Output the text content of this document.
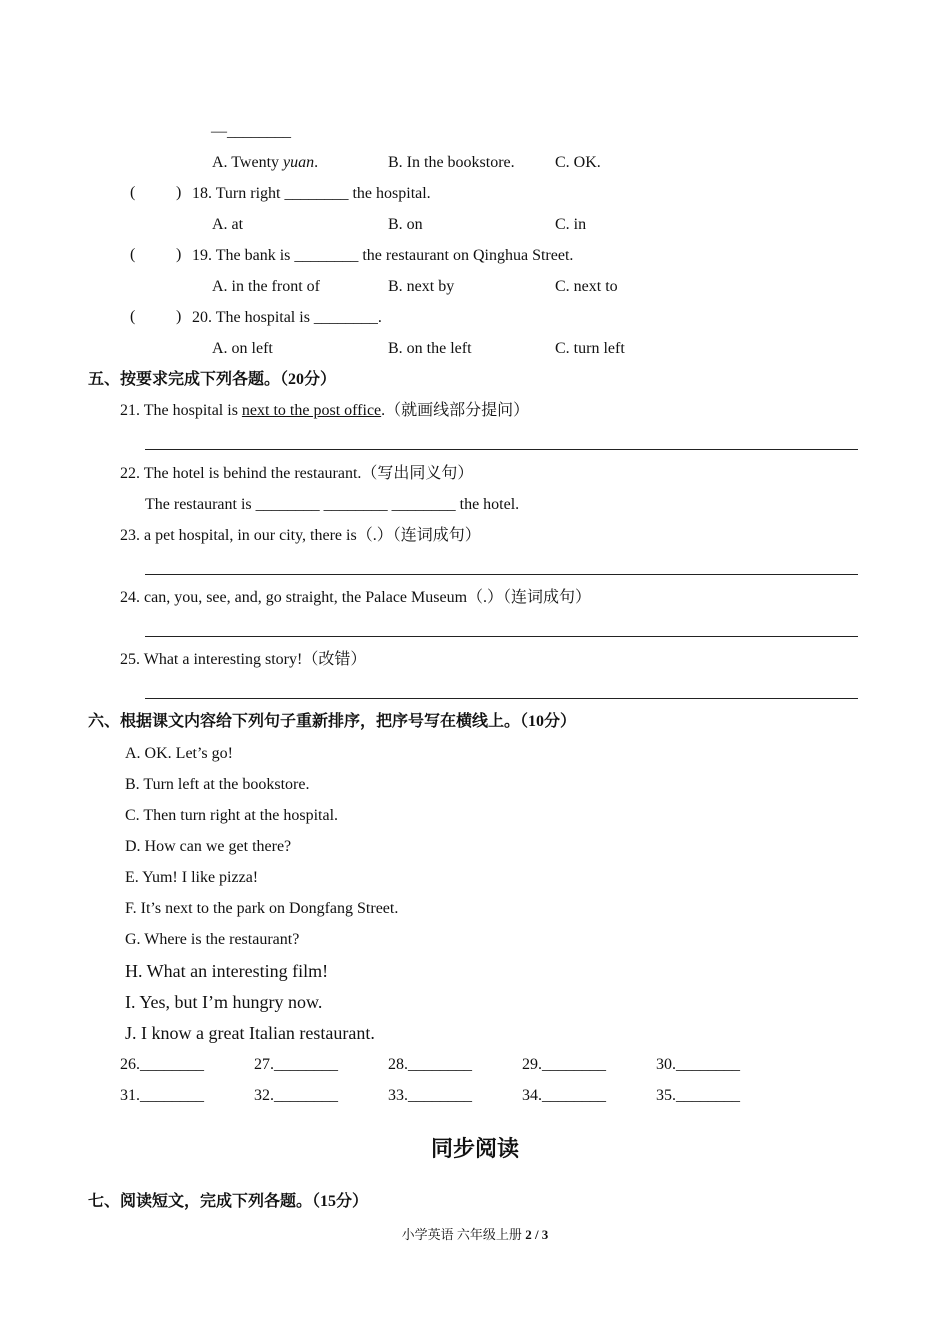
—________
A. Twenty yuan.	B. In the bookstore.	C. OK.
(	) 18. Turn right ________ the hospital.
A. at	B. on	C. in
(	) 19. The bank is ________ the restaurant on Qinghua Street.
A. in the front of	B. next by	C. next to
(	) 20. The hospital is ________.
A. on left	B. on the left	C. turn left
五、按要求完成下列各题。（20分）
21. The hospital is next to the post office.（就画线部分提问）
22. The hotel is behind the restaurant.（写出同义句）
The restaurant is ________ ________ ________ the hotel.
23. a pet hospital, in our city, there is（.）（连词成句）
24. can, you, see, and, go straight, the Palace Museum（.）（连词成句）
25. What a interesting story!（改错）
六、根据课文内容给下列句子重新排序，把序号写在横线上。（10分）
A. OK. Let’s go!
B. Turn left at the bookstore.
C. Then turn right at the hospital.
D. How can we get there?
E. Yum! I like pizza!
F. It’s next to the park on Dongfang Street.
G. Where is the restaurant?
H. What an interesting film!
I. Yes, but I’m hungry now.
J. I know a great Italian restaurant.
26.________	27.________	28.________	29.________	30.________
31.________	32.________	33.________	34.________	35.________
同步阅读
七、阅读短文，完成下列各题。（15分）
小学英语 六年级上册 2 / 3
